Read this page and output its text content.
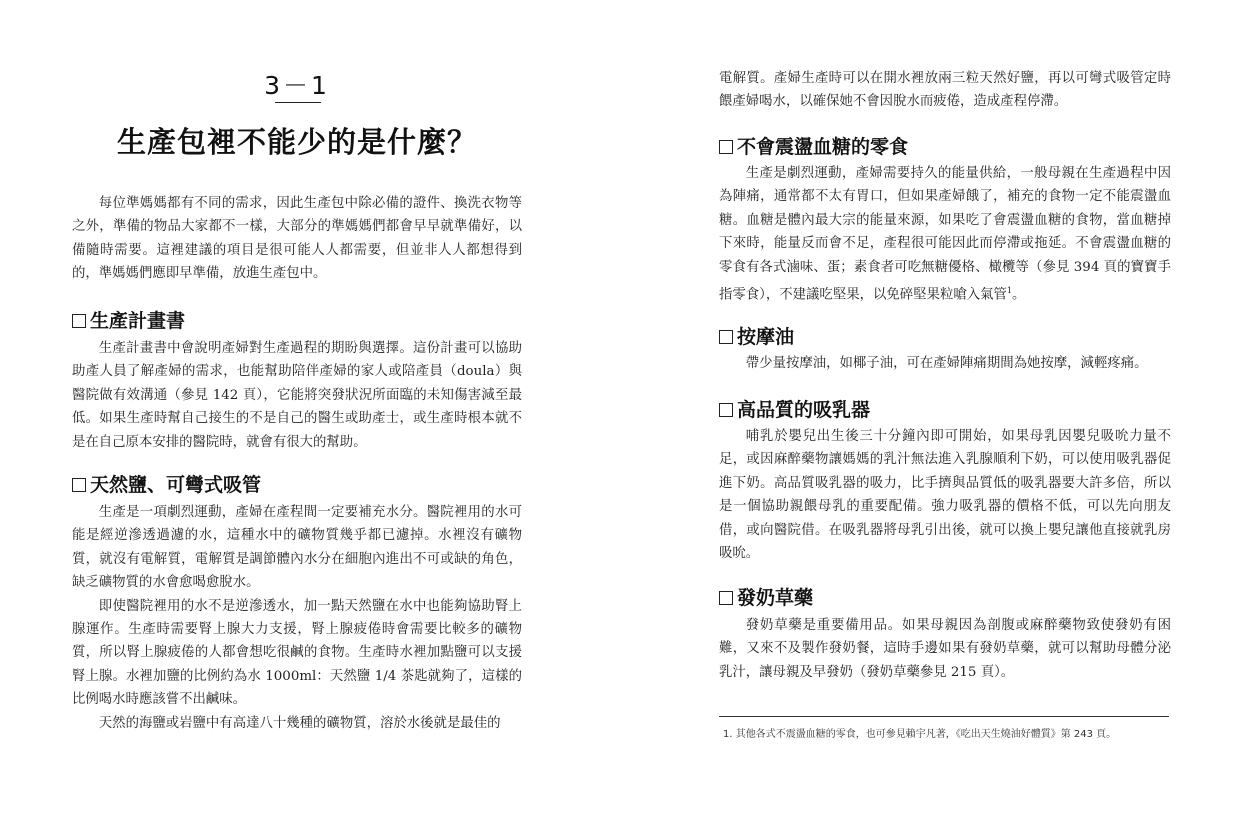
3－1
生產包裡不能少的是什麼？

每位準媽媽都有不同的需求，因此生產包中除必備的證件、換洗衣物等之外，準備的物品大家都不一樣，大部分的準媽媽們都會早早就準備好，以備隨時需要。這裡建議的項目是很可能人人都需要，但並非人人都想得到的，準媽媽們應即早準備，放進生產包中。

生產計畫書

生產計畫書中會說明產婦對生產過程的期盼與選擇。這份計畫可以協助助產人員了解產婦的需求，也能幫助陪伴產婦的家人或陪產員（doula）與醫院做有效溝通（參見 142 頁），它能將突發狀況所面臨的未知傷害減至最低。如果生產時幫自己接生的不是自己的醫生或助產士，或生產時根本就不是在自己原本安排的醫院時，就會有很大的幫助。

天然鹽、可彎式吸管

生產是一項劇烈運動，產婦在產程間一定要補充水分。醫院裡用的水可能是經逆滲透過濾的水，這種水中的礦物質幾乎都已濾掉。水裡沒有礦物質，就沒有電解質，電解質是調節體內水分在細胞內進出不可或缺的角色，缺乏礦物質的水會愈喝愈脫水。

即使醫院裡用的水不是逆滲透水，加一點天然鹽在水中也能夠協助腎上腺運作。生產時需要腎上腺大力支援，腎上腺疲倦時會需要比較多的礦物質，所以腎上腺疲倦的人都會想吃很鹹的食物。生產時水裡加點鹽可以支援腎上腺。水裡加鹽的比例約為水 1000ml：天然鹽 1/4 茶匙就夠了，這樣的比例喝水時應該嘗不出鹹味。

天然的海鹽或岩鹽中有高達八十幾種的礦物質，溶於水後就是最佳的

電解質。產婦生產時可以在開水裡放兩三粒天然好鹽，再以可彎式吸管定時餵產婦喝水，以確保她不會因脫水而疲倦，造成產程停滯。

不會震盪血糖的零食

生產是劇烈運動，產婦需要持久的能量供給，一般母親在生產過程中因為陣痛，通常都不太有胃口，但如果產婦餓了，補充的食物一定不能震盪血糖。血糖是體內最大宗的能量來源，如果吃了會震盪血糖的食物，當血糖掉下來時，能量反而會不足，產程很可能因此而停滯或拖延。不會震盪血糖的零食有各式滷味、蛋；素食者可吃無糖優格、橄欖等（參見 394 頁的寶寶手指零食），不建議吃堅果，以免碎堅果粒嗆入氣管$^1$。

按摩油

帶少量按摩油，如椰子油，可在產婦陣痛期間為她按摩，減輕疼痛。

高品質的吸乳器

哺乳於嬰兒出生後三十分鐘內即可開始，如果母乳因嬰兒吸吮力量不足，或因麻醉藥物讓媽媽的乳汁無法進入乳腺順利下奶，可以使用吸乳器促進下奶。高品質吸乳器的吸力，比手擠與品質低的吸乳器要大許多倍，所以是一個協助親餵母乳的重要配備。強力吸乳器的價格不低，可以先向朋友借，或向醫院借。在吸乳器將母乳引出後，就可以換上嬰兒讓他直接就乳房吸吮。

發奶草藥

發奶草藥是重要備用品。如果母親因為剖腹或麻醉藥物致使發奶有困難，又來不及製作發奶餐，這時手邊如果有發奶草藥，就可以幫助母體分泌乳汁，讓母親及早發奶（發奶草藥參見 215 頁）。

1. 其他各式不震盪血糖的零食，也可參見賴宇凡著，《吃出天生燒油好體質》第 243 頁。
